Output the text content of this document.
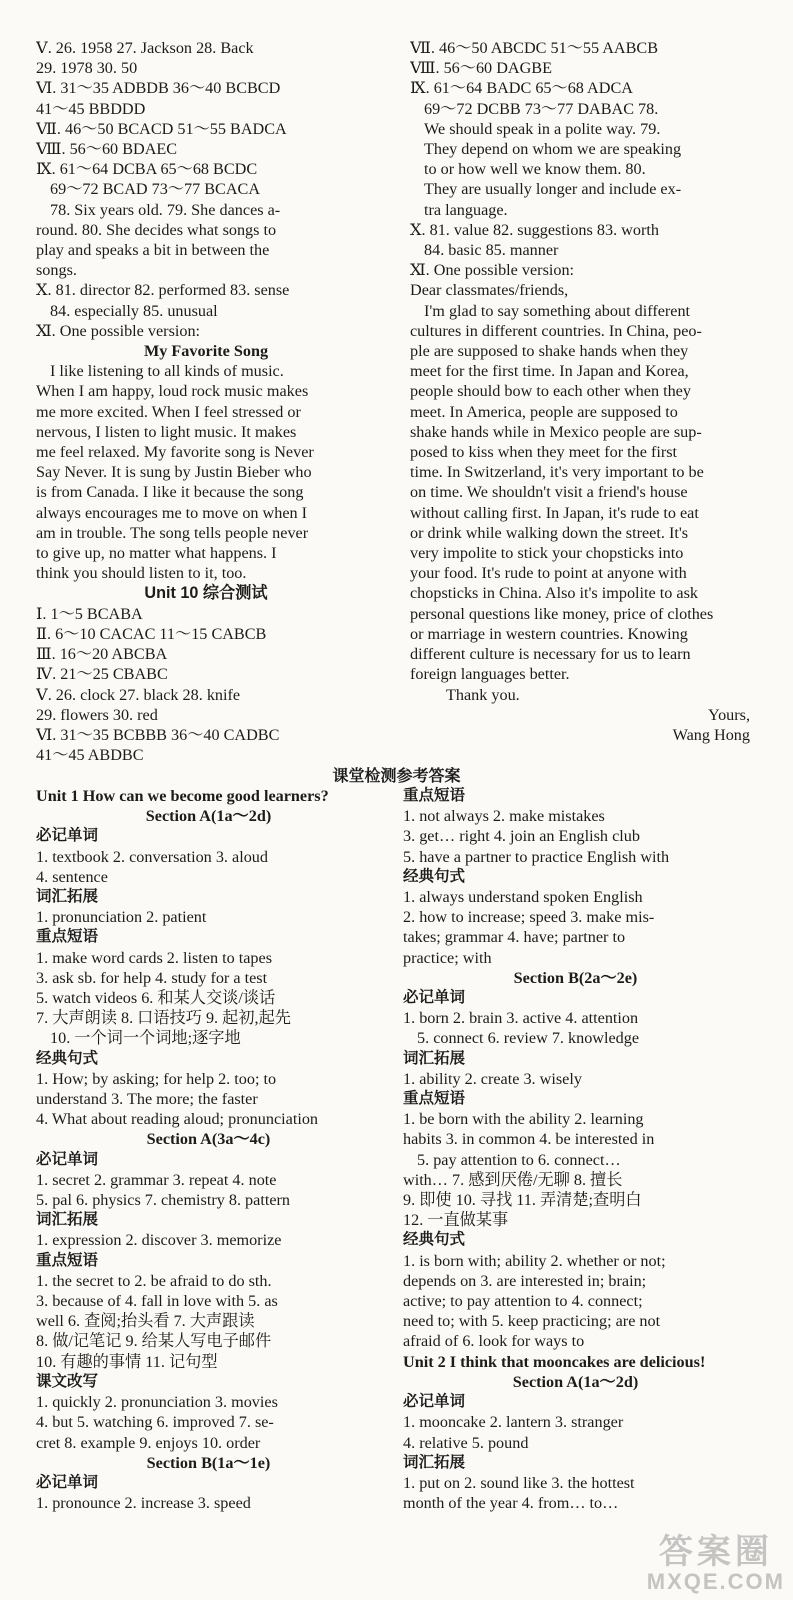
Ⅴ. 26. 1958 27. Jackson 28. Back
29. 1978 30. 50
Ⅵ. 31～35 ADBDB 36～40 BCBCD
41～45 BBDDD
Ⅶ. 46～50 BCACD 51～55 BADCA
Ⅷ. 56～60 BDAEC
Ⅸ. 61～64 DCBA 65～68 BCDC
69～72 BCAD 73～77 BCACA
78. Six years old. 79. She dances a-
round. 80. She decides what songs to
play and speaks a bit in between the
songs.
Ⅹ. 81. director 82. performed 83. sense
84. especially 85. unusual
Ⅺ. One possible version:
My Favorite Song
I like listening to all kinds of music.
When I am happy, loud rock music makes
me more excited. When I feel stressed or
nervous, I listen to light music. It makes
me feel relaxed. My favorite song is Never
Say Never. It is sung by Justin Bieber who
is from Canada. I like it because the song
always encourages me to move on when I
am in trouble. The song tells people never
to give up, no matter what happens. I
think you should listen to it, too.
Unit 10 综合测试
Ⅰ. 1～5 BCABA
Ⅱ. 6～10 CACAC 11～15 CABCB
Ⅲ. 16～20 ABCBA
Ⅳ. 21～25 CBABC
Ⅴ. 26. clock 27. black 28. knife
29. flowers 30. red
Ⅵ. 31～35 BCBBB 36～40 CADBC
41～45 ABDBC
Ⅶ. 46～50 ABCDC 51～55 AABCB
Ⅷ. 56～60 DAGBE
Ⅸ. 61～64 BADC 65～68 ADCA
69～72 DCBB 73～77 DABAC 78.
We should speak in a polite way. 79.
They depend on whom we are speaking
to or how well we know them. 80.
They are usually longer and include ex-
tra language.
Ⅹ. 81. value 82. suggestions 83. worth
84. basic 85. manner
Ⅺ. One possible version:
Dear classmates/friends,
I'm glad to say something about different
cultures in different countries. In China, peo-
ple are supposed to shake hands when they
meet for the first time. In Japan and Korea,
people should bow to each other when they
meet. In America, people are supposed to
shake hands while in Mexico people are sup-
posed to kiss when they meet for the first
time. In Switzerland, it's very important to be
on time. We shouldn't visit a friend's house
without calling first. In Japan, it's rude to eat
or drink while walking down the street. It's
very impolite to stick your chopsticks into
your food. It's rude to point at anyone with
chopsticks in China. Also it's impolite to ask
personal questions like money, price of clothes
or marriage in western countries. Knowing
different culture is necessary for us to learn
foreign languages better.
Thank you.
Yours,
Wang Hong
课堂检测参考答案
Unit 1 How can we become good learners?
Section A(1a～2d)
必记单词
1. textbook 2. conversation 3. aloud
4. sentence
词汇拓展
1. pronunciation 2. patient
重点短语
1. make word cards 2. listen to tapes
3. ask sb. for help 4. study for a test
5. watch videos 6. 和某人交谈/谈话
7. 大声朗读 8. 口语技巧 9. 起初,起先
10. 一个词一个词地;逐字地
经典句式
1. How; by asking; for help 2. too; to
understand 3. The more; the faster
4. What about reading aloud; pronunciation
Section A(3a～4c)
必记单词
1. secret 2. grammar 3. repeat 4. note
5. pal 6. physics 7. chemistry 8. pattern
词汇拓展
1. expression 2. discover 3. memorize
重点短语
1. the secret to 2. be afraid to do sth.
3. because of 4. fall in love with 5. as
well 6. 查阅;抬头看 7. 大声跟读
8. 做/记笔记 9. 给某人写电子邮件
10. 有趣的事情 11. 记句型
课文改写
1. quickly 2. pronunciation 3. movies
4. but 5. watching 6. improved 7. se-
cret 8. example 9. enjoys 10. order
Section B(1a～1e)
必记单词
1. pronounce 2. increase 3. speed
重点短语
1. not always 2. make mistakes
3. get… right 4. join an English club
5. have a partner to practice English with
经典句式
1. always understand spoken English
2. how to increase; speed 3. make mis-
takes; grammar 4. have; partner to
practice; with
Section B(2a～2e)
必记单词
1. born 2. brain 3. active 4. attention
5. connect 6. review 7. knowledge
词汇拓展
1. ability 2. create 3. wisely
重点短语
1. be born with the ability 2. learning
habits 3. in common 4. be interested in
5. pay attention to 6. connect…
with… 7. 感到厌倦/无聊 8. 擅长
9. 即使 10. 寻找 11. 弄清楚;查明白
12. 一直做某事
经典句式
1. is born with; ability 2. whether or not;
depends on 3. are interested in; brain;
active; to pay attention to 4. connect;
need to; with 5. keep practicing; are not
afraid of 6. look for ways to
Unit 2 I think that mooncakes are delicious!
Section A(1a～2d)
必记单词
1. mooncake 2. lantern 3. stranger
4. relative 5. pound
词汇拓展
1. put on 2. sound like 3. the hottest
month of the year 4. from… to…
答案圈
MXQE.COM
